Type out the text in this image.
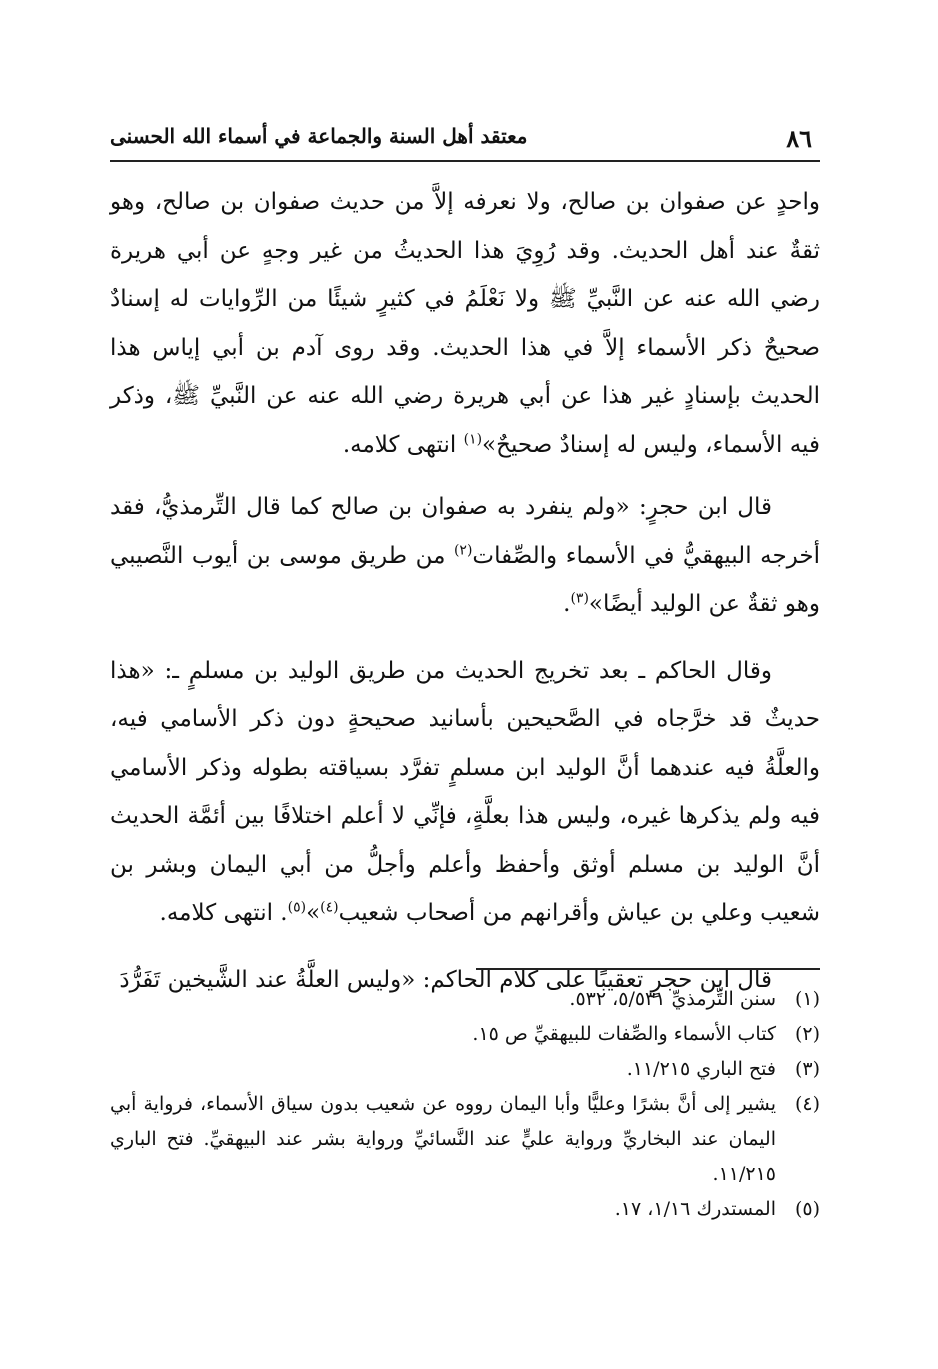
٨٦
معتقد أهل السنة والجماعة في أسماء الله الحسنى

واحدٍ عن صفوان بن صالح، ولا نعرفه إلاَّ من حديث صفوان بن صالح، وهو ثقةٌ عند أهل الحديث. وقد رُوِيَ هذا الحديثُ من غير وجهٍ عن أبي هريرة رضي الله عنه عن النَّبيِّ ﷺ ولا نَعْلَمُ في كثيرٍ شيئًا من الرِّوايات له إسنادٌ صحيحٌ ذكر الأسماء إلاَّ في هذا الحديث. وقد روى آدم بن أبي إياس هذا الحديث بإسنادٍ غير هذا عن أبي هريرة رضي الله عنه عن النَّبيِّ ﷺ، وذكر فيه الأسماء، وليس له إسنادٌ صحيحٌ»$^{(١)}$ انتهى كلامه.

قال ابن حجرٍ: «ولم ينفرد به صفوان بن صالح كما قال التِّرمذيُّ، فقد أخرجه البيهقيُّ في الأسماء والصِّفات$^{(٢)}$ من طريق موسى بن أيوب النَّصيبي وهو ثقةٌ عن الوليد أيضًا»$^{(٣)}$.

وقال الحاكم ـ بعد تخريج الحديث من طريق الوليد بن مسلمٍ ـ: «هذا حديثٌ قد خرَّجاه في الصَّحيحين بأسانيد صحيحةٍ دون ذكر الأسامي فيه، والعلَّةُ فيه عندهما أنَّ الوليد ابن مسلمٍ تفرَّد بسياقته بطوله وذكر الأسامي فيه ولم يذكرها غيره، وليس هذا بعلَّةٍ، فإنِّي لا أعلم اختلافًا بين أئمَّة الحديث أنَّ الوليد بن مسلم أوثق وأحفظ وأعلم وأجلُّ من أبي اليمان وبشر بن شعيب وعلي بن عياش وأقرانهم من أصحاب شعيب$^{(٤)}$»$^{(٥)}$. انتهى كلامه.

قال ابن حجرٍ تعقيبًا على كلام الحاكم: «وليس العلَّةُ عند الشَّيخين تَفَرُّدَ

(١)
سنن التِّرمذيِّ ٥/٥٣١، ٥٣٢.
(٢)
كتاب الأسماء والصِّفات للبيهقيِّ ص ١٥.
(٣)
فتح الباري ١١/٢١٥.
(٤)
يشير إلى أنَّ بشرًا وعليًّا وأبا اليمان رووه عن شعيب بدون سياق الأسماء، فرواية أبي اليمان عند البخاريِّ ورواية عليٍّ عند النَّسائيِّ ورواية بشر عند البيهقيِّ. فتح الباري ١١/٢١٥.
(٥)
المستدرك ١/١٦، ١٧.
